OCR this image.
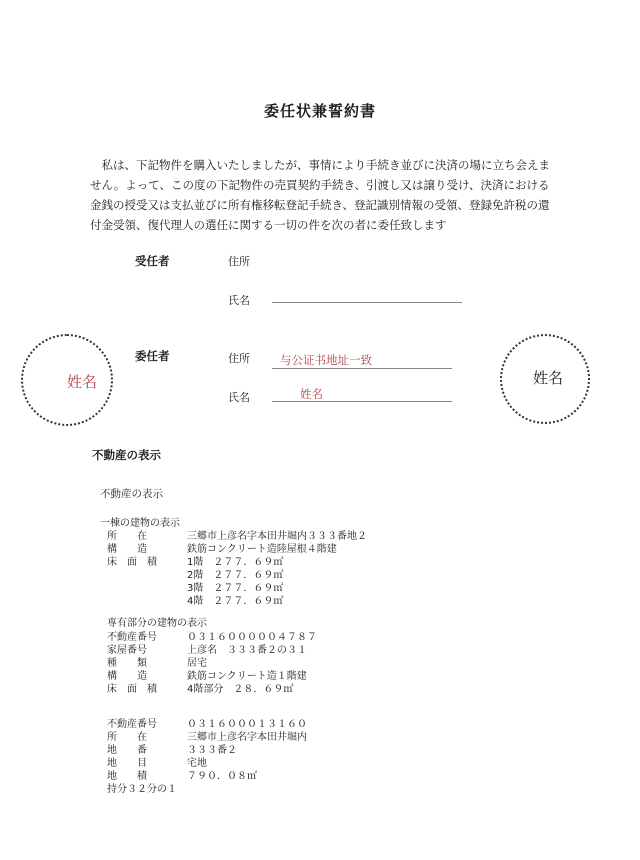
委任状兼誓約書

私は、下記物件を購入いたしましたが、事情により手続き並びに決済の場に立ち会えません。よって、この度の下記物件の売買契約手続き、引渡し又は譲り受け、決済における金銭の授受又は支払並びに所有権移転登記手続き、登記識別情報の受領、登録免許税の還付金受領、復代理人の選任に関する一切の件を次の者に委任致します

受任者	住所
氏名
委任者	住所	与公证书地址一致
氏名	姓名
姓名	姓名
不動産の表示
不動産の表示
一棟の建物の表示
所　　在	三郷市上彦名字本田井堀内３３３番地２
構　　造	鉄筋コンクリート造陸屋根４階建
床　面　積	1階　２７７．６９㎡
2階　２７７．６９㎡
3階　２７７．６９㎡
4階　２７７．６９㎡
専有部分の建物の表示
不動産番号	０３１６０００００４７８７
家屋番号	上彦名　３３３番２の３１
種　　類	居宅
構　　造	鉄筋コンクリート造１階建
床　面　積	4階部分　２８．６９㎡
不動産番号	０３１６０００１３１６０
所　　在	三郷市上彦名字本田井堀内
地　　番	３３３番２
地　　目	宅地
地　　積	７９０．０８㎡
持分３２分の１
